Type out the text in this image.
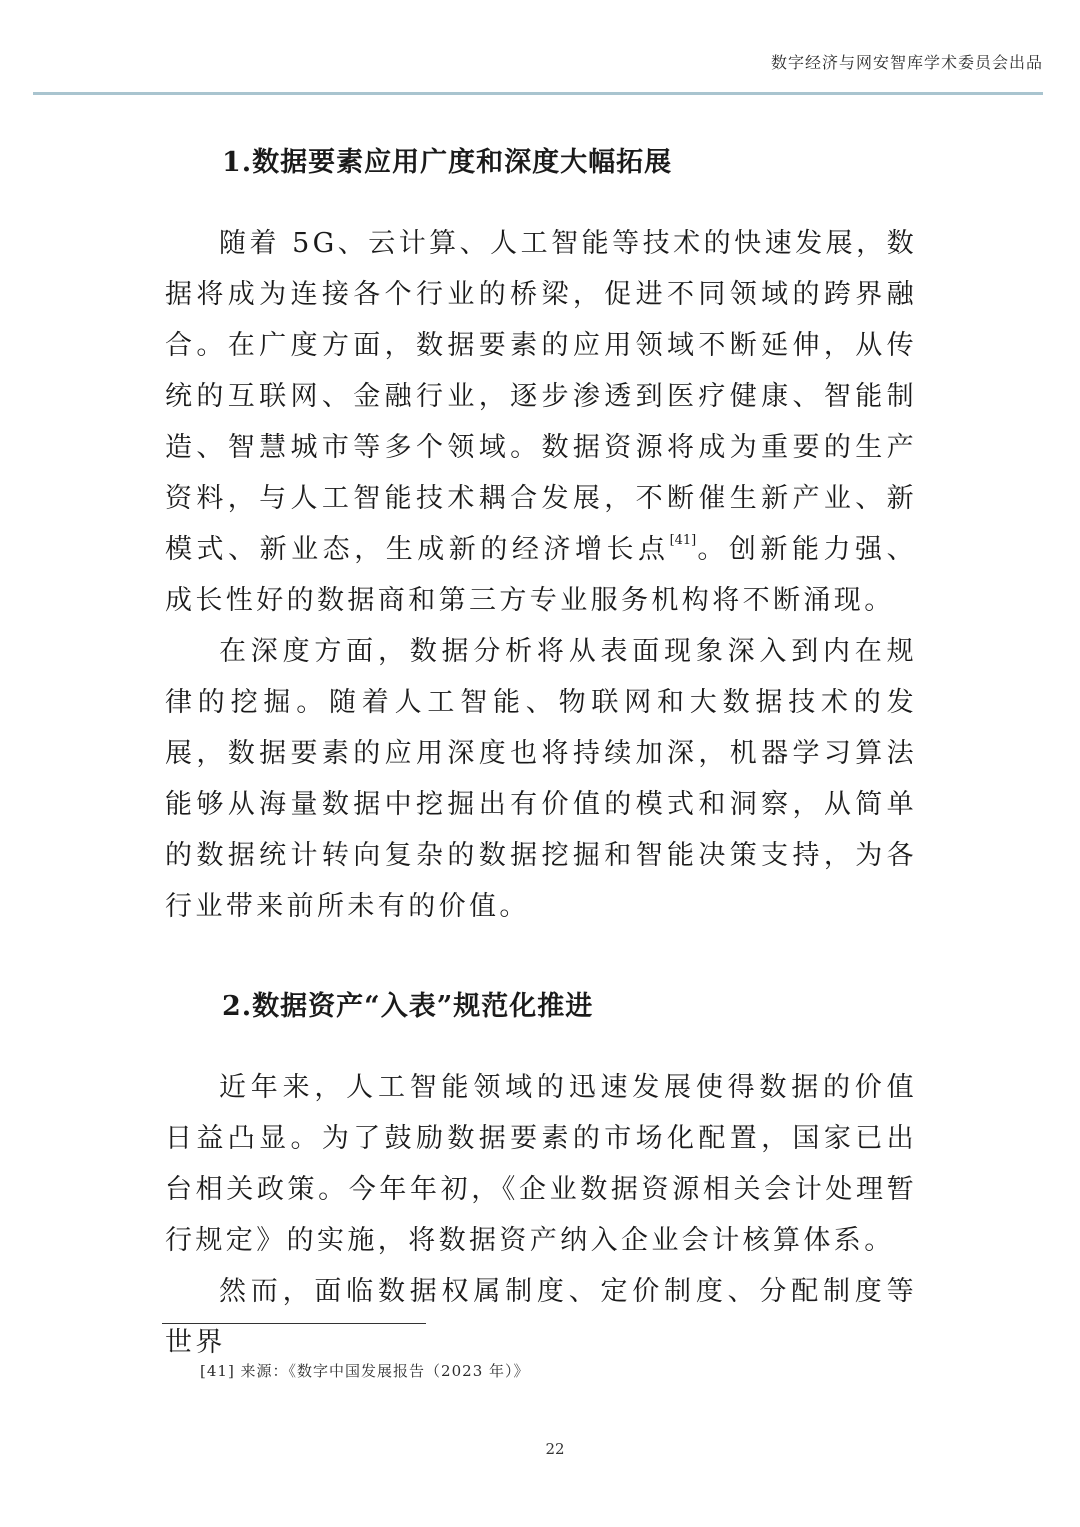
数字经济与网安智库学术委员会出品
1.数据要素应用广度和深度大幅拓展

随着 5G、云计算、人工智能等技术的快速发展，数据将成为连接各个行业的桥梁，促进不同领域的跨界融合。在广度方面，数据要素的应用领域不断延伸，从传统的互联网、金融行业，逐步渗透到医疗健康、智能制造、智慧城市等多个领域。数据资源将成为重要的生产资料，与人工智能技术耦合发展，不断催生新产业、新模式、新业态，生成新的经济增长点[41]。创新能力强、成长性好的数据商和第三方专业服务机构将不断涌现。

在深度方面，数据分析将从表面现象深入到内在规律的挖掘。随着人工智能、物联网和大数据技术的发展，数据要素的应用深度也将持续加深，机器学习算法能够从海量数据中挖掘出有价值的模式和洞察，从简单的数据统计转向复杂的数据挖掘和智能决策支持，为各行业带来前所未有的价值。

2.数据资产“入表”规范化推进

近年来，人工智能领域的迅速发展使得数据的价值日益凸显。为了鼓励数据要素的市场化配置，国家已出台相关政策。今年年初，《企业数据资源相关会计处理暂行规定》的实施，将数据资产纳入企业会计核算体系。

然而，面临数据权属制度、定价制度、分配制度等世界

[41] 来源：《数字中国发展报告（2023 年）》
22
